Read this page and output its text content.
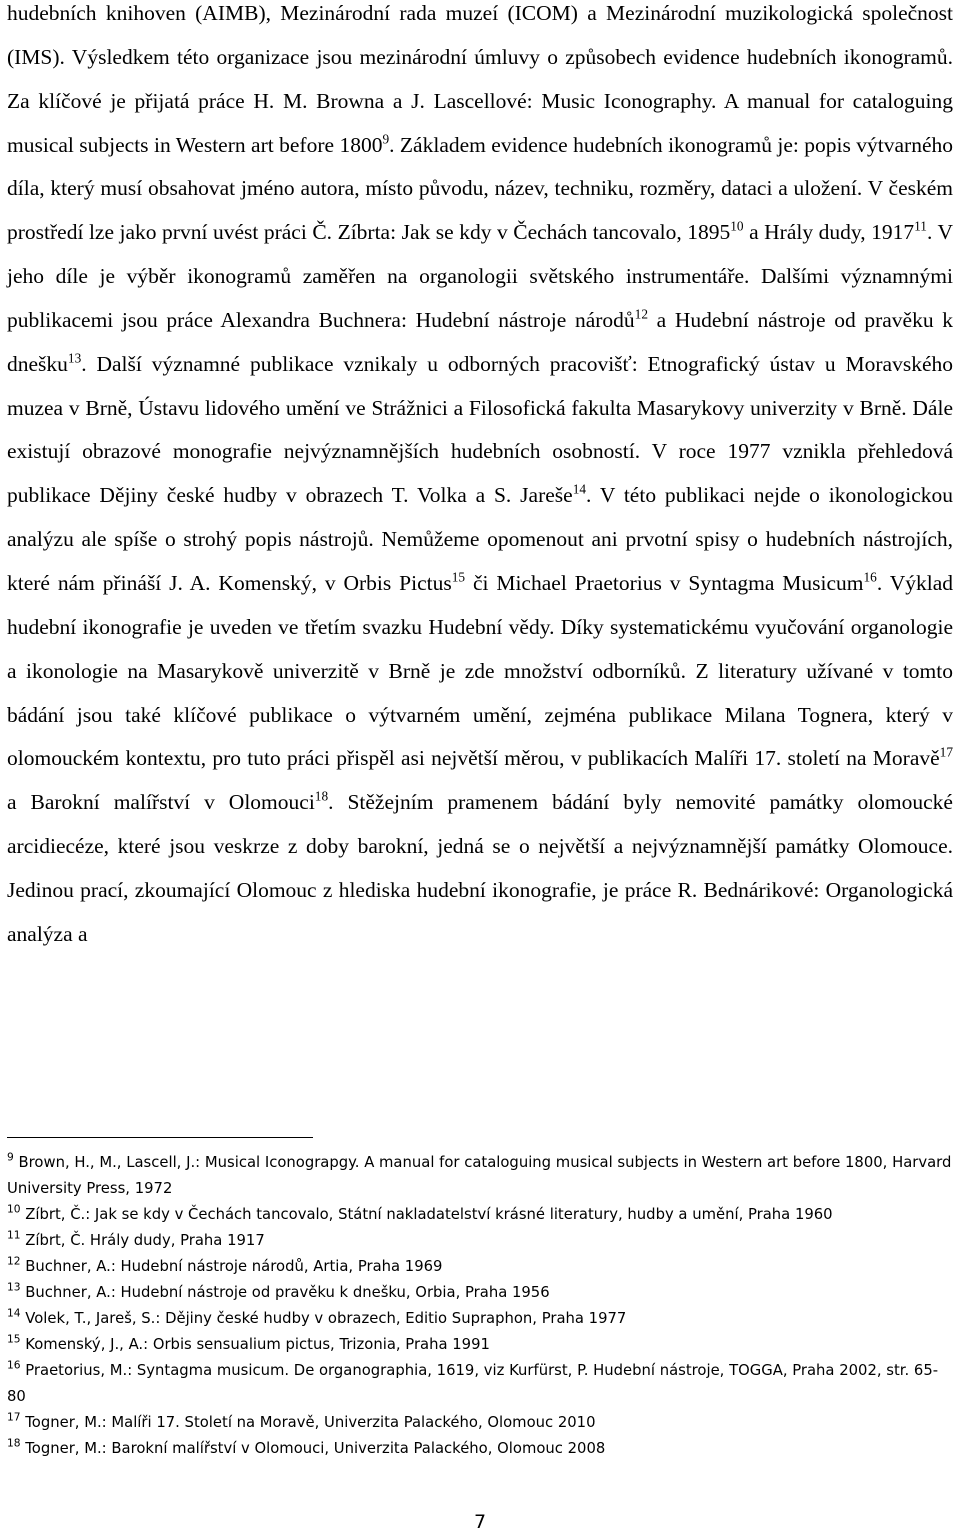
hudebních knihoven (AIMB), Mezinárodní rada muzeí (ICOM) a Mezinárodní muzikologická společnost (IMS). Výsledkem této organizace jsou mezinárodní úmluvy o způsobech evidence hudebních ikonogramů. Za klíčové je přijatá práce H. M. Browna a J. Lascellové: Music Iconography. A manual for cataloguing musical subjects in Western art before 1800$^9$. Základem evidence hudebních ikonogramů je: popis výtvarného díla, který musí obsahovat jméno autora, místo původu, název, techniku, rozměry, dataci a uložení. V českém prostředí lze jako první uvést práci Č. Zíbrta: Jak se kdy v Čechách tancovalo, 1895$^{10}$ a Hrály dudy, 1917$^{11}$. V jeho díle je výběr ikonogramů zaměřen na organologii světského instrumentáře. Dalšími významnými publikacemi jsou práce Alexandra Buchnera: Hudební nástroje národů$^{12}$ a Hudební nástroje od pravěku k dnešku$^{13}$. Další významné publikace vznikaly u odborných pracovišť: Etnografický ústav u Moravského muzea v Brně, Ústavu lidového umění ve Strážnici a Filosofická fakulta Masarykovy univerzity v Brně. Dále existují obrazové monografie nejvýznamnějších hudebních osobností. V roce 1977 vznikla přehledová publikace Dějiny české hudby v obrazech T. Volka a S. Jareše$^{14}$. V této publikaci nejde o ikonologickou analýzu ale spíše o strohý popis nástrojů. Nemůžeme opomenout ani prvotní spisy o hudebních nástrojích, které nám přináší J. A. Komenský, v Orbis Pictus$^{15}$ či Michael Praetorius v Syntagma Musicum$^{16}$. Výklad hudební ikonografie je uveden ve třetím svazku Hudební vědy. Díky systematickému vyučování organologie a ikonologie na Masarykově univerzitě v Brně je zde množství odborníků. Z literatury užívané v tomto bádání jsou také klíčové publikace o výtvarném umění, zejména publikace Milana Tognera, který v olomouckém kontextu, pro tuto práci přispěl asi největší měrou, v publikacích Malíři 17. století na Moravě$^{17}$ a Barokní malířství v Olomouci$^{18}$. Stěžejním pramenem bádání byly nemovité památky olomoucké arcidiecéze, které jsou veskrze z doby barokní, jedná se o největší a nejvýznamnější památky Olomouce. Jedinou prací, zkoumající Olomouc z hlediska hudební ikonografie, je práce R. Bednárikové: Organologická analýza a

$^9$ Brown, H., M., Lascell, J.: Musical Iconograpgy. A manual for cataloguing musical subjects in Western art before 1800, Harvard University Press, 1972

$^{10}$ Zíbrt, Č.: Jak se kdy v Čechách tancovalo, Státní nakladatelství krásné literatury, hudby a umění, Praha 1960

$^{11}$ Zíbrt, Č. Hrály dudy, Praha 1917

$^{12}$ Buchner, A.: Hudební nástroje národů, Artia, Praha 1969

$^{13}$ Buchner, A.: Hudební nástroje od pravěku k dnešku, Orbia, Praha 1956

$^{14}$ Volek, T., Jareš, S.: Dějiny české hudby v obrazech, Editio Supraphon, Praha 1977

$^{15}$ Komenský, J., A.: Orbis sensualium pictus, Trizonia, Praha 1991

$^{16}$ Praetorius, M.: Syntagma musicum. De organographia, 1619, viz Kurfürst, P. Hudební nástroje, TOGGA, Praha 2002, str. 65-80

$^{17}$ Togner, M.: Malíři 17. Století na Moravě, Univerzita Palackého, Olomouc 2010

$^{18}$ Togner, M.: Barokní malířství v Olomouci, Univerzita Palackého, Olomouc 2008

7
